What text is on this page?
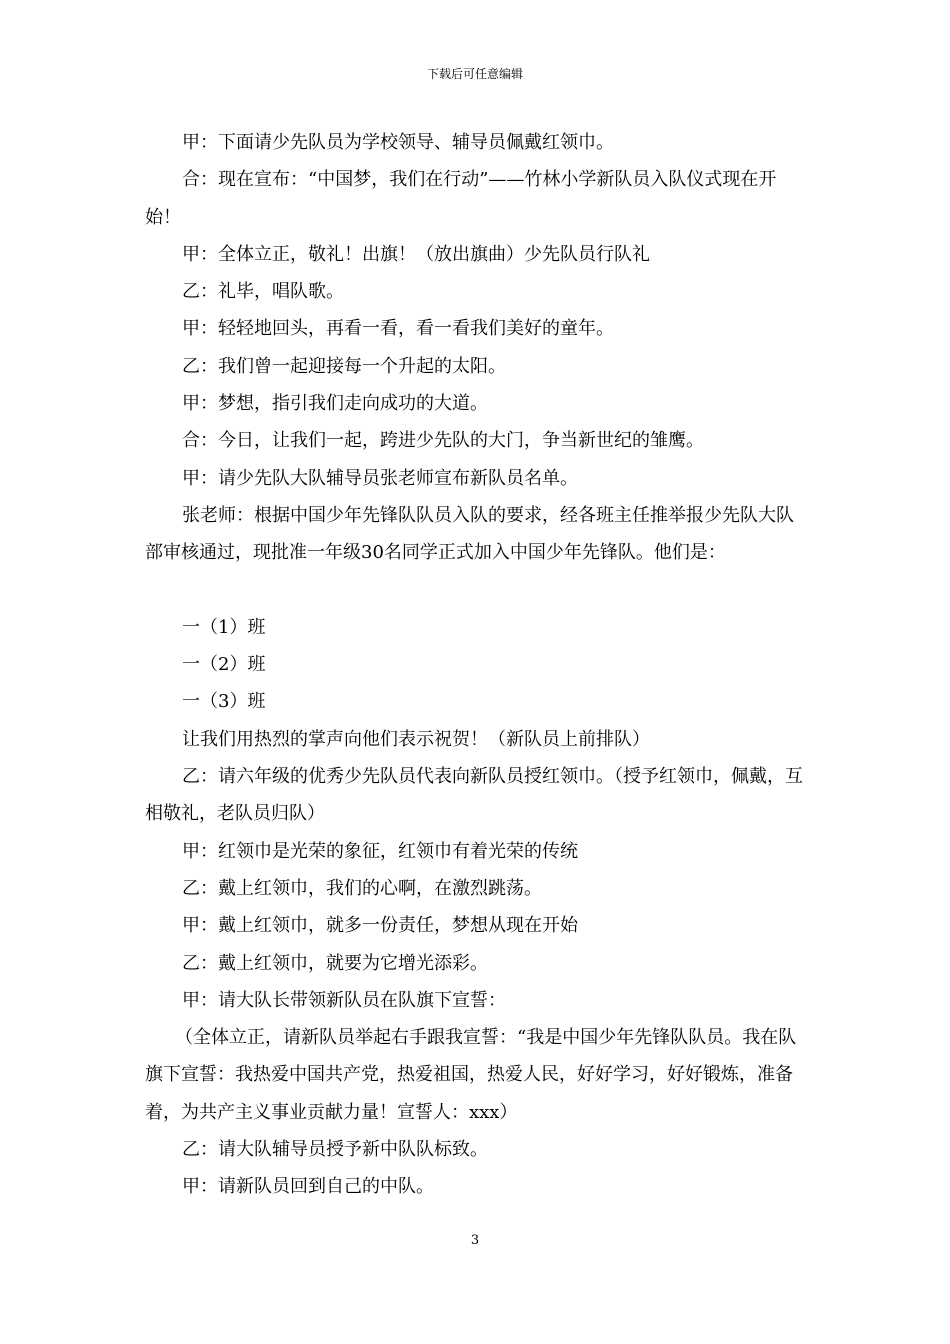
下载后可任意编辑

甲：下面请少先队员为学校领导、辅导员佩戴红领巾。

合：现在宣布：“中国梦，我们在行动”——竹林小学新队员入队仪式现在开始！

甲：全体立正，敬礼！出旗！（放出旗曲）少先队员行队礼

乙：礼毕，唱队歌。

甲：轻轻地回头，再看一看，看一看我们美好的童年。

乙：我们曾一起迎接每一个升起的太阳。

甲：梦想，指引我们走向成功的大道。

合：今日，让我们一起，跨进少先队的大门，争当新世纪的雏鹰。

甲：请少先队大队辅导员张老师宣布新队员名单。

张老师：根据中国少年先锋队队员入队的要求，经各班主任推举报少先队大队部审核通过，现批准一年级30名同学正式加入中国少年先锋队。他们是：

一（1）班

一（2）班

一（3）班

让我们用热烈的掌声向他们表示祝贺！（新队员上前排队）

乙：请六年级的优秀少先队员代表向新队员授红领巾。（授予红领巾，佩戴，互相敬礼，老队员归队）

甲：红领巾是光荣的象征，红领巾有着光荣的传统

乙：戴上红领巾，我们的心啊，在激烈跳荡。

甲：戴上红领巾，就多一份责任，梦想从现在开始

乙：戴上红领巾，就要为它增光添彩。

甲：请大队长带领新队员在队旗下宣誓：

（全体立正，请新队员举起右手跟我宣誓：“我是中国少年先锋队队员。我在队旗下宣誓：我热爱中国共产党，热爱祖国，热爱人民，好好学习，好好锻炼，准备着，为共产主义事业贡献力量！宣誓人：xxx）

乙：请大队辅导员授予新中队队标致。

甲：请新队员回到自己的中队。

3
